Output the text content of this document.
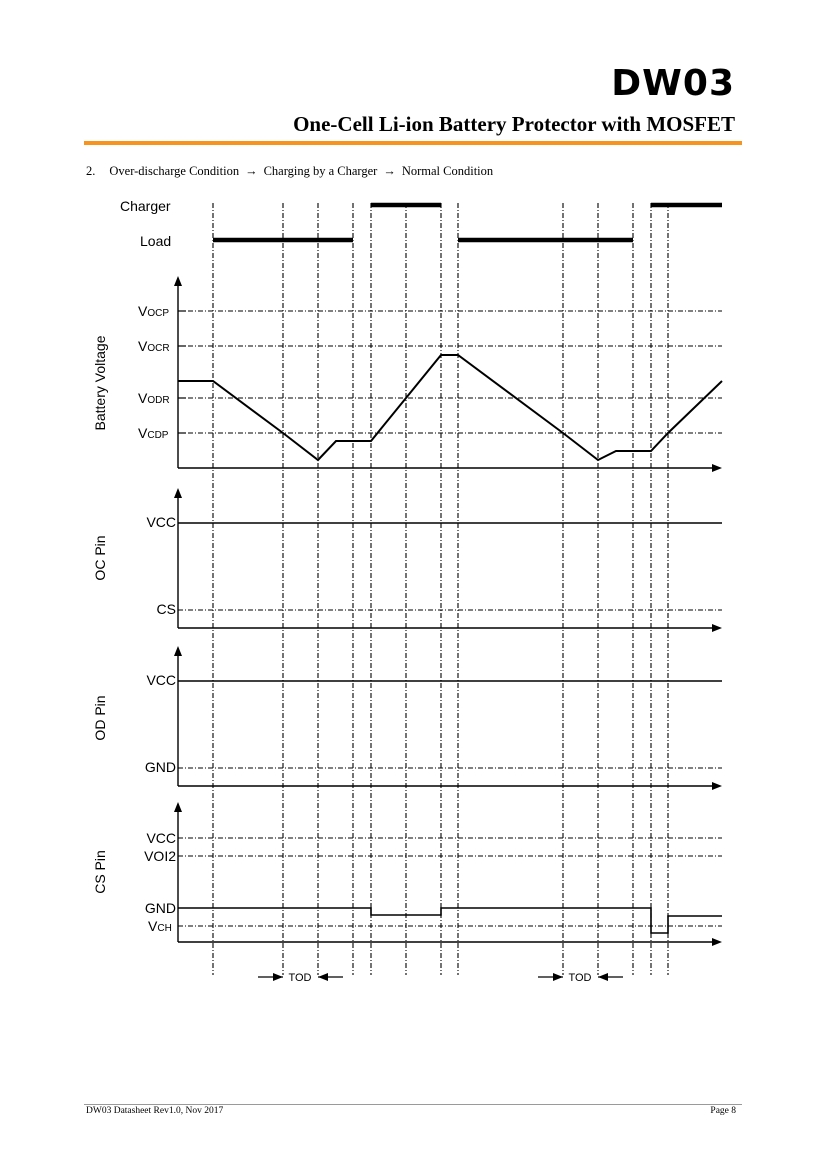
DW03
One-Cell Li-ion Battery Protector with MOSFET
2. Over-discharge Condition → Charging by a Charger → Normal Condition
Charger
Load
Battery Voltage
OC Pin
OD Pin
CS Pin
VOCP
VOCR
VODR
VCDP
VCC
CS
VCC
GND
VCC
VOI2
GND
VCH
TOD	TOD
DW03 Datasheet Rev1.0, Nov 2017	Page 8
